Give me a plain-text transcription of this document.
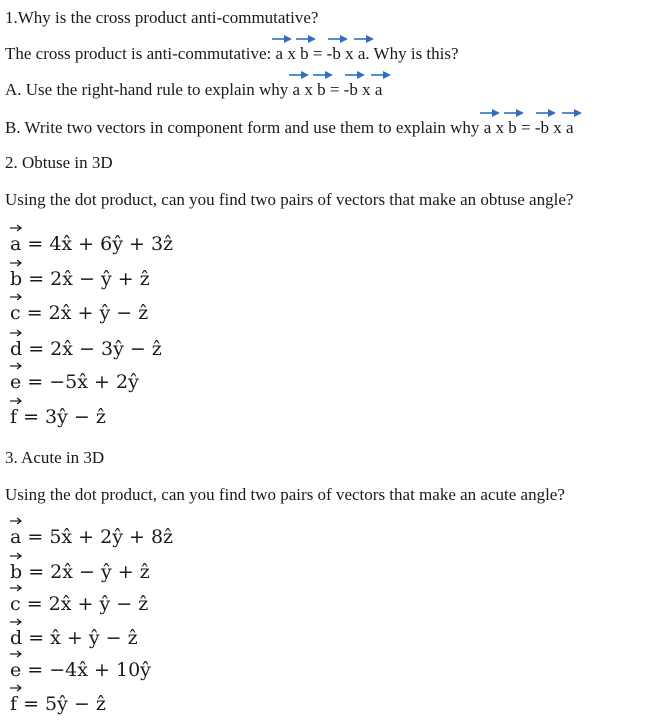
1.Why is the cross product anti-commutative?
The cross product is anti-commutative: a
x b
= -b
x a
. Why is this?
A. Use the right-hand rule to explain why a
x b
= -b
x a
B. Write two vectors in component form and use them to explain why a
x b
= -b
x a
2. Obtuse in 3D
Using the dot product, can you find two pairs of vectors that make an obtuse angle?
a = 4x̂ + 6ŷ + 3ẑ
b = 2x̂ − ŷ + ẑ
c = 2x̂ + ŷ − ẑ
d = 2x̂ − 3ŷ − ẑ
e = −5x̂ + 2ŷ
f = 3ŷ − ẑ
3. Acute in 3D
Using the dot product, can you find two pairs of vectors that make an acute angle?
a = 5x̂ + 2ŷ + 8ẑ
b = 2x̂ − ŷ + ẑ
c = 2x̂ + ŷ − ẑ
d = x̂ + ŷ − ẑ
e = −4x̂ + 10ŷ
f = 5ŷ − ẑ
